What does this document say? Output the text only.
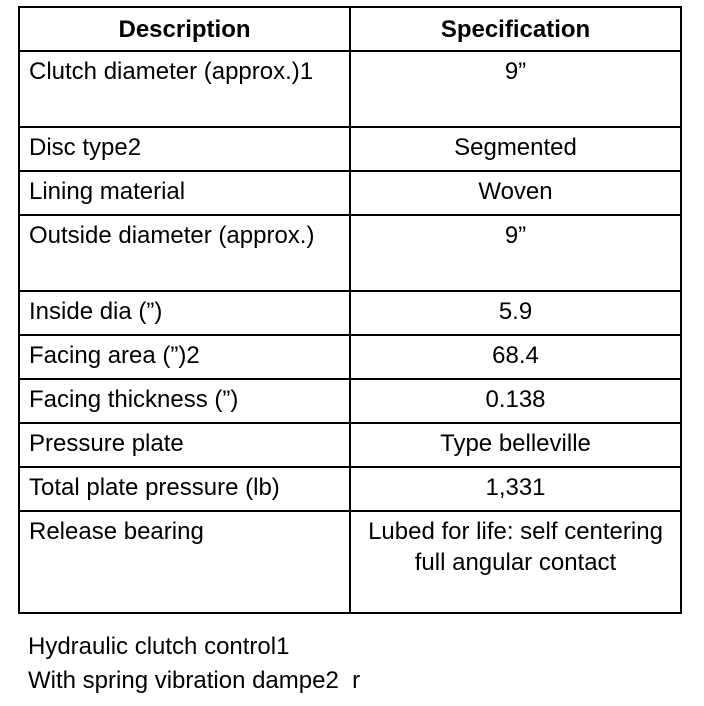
Description	Specification
Clutch diameter (approx.)1	9”
Disc type2	Segmented
Lining material	Woven
Outside diameter (approx.)	9”
Inside dia (”)	5.9
Facing area (”)2	68.4
Facing thickness (”)	0.138
Pressure plate	Type belleville
Total plate pressure (lb)	1,331
Release bearing	Lubed for life: self centering full angular contact
Hydraulic clutch control1
With spring vibration dampe2  r
